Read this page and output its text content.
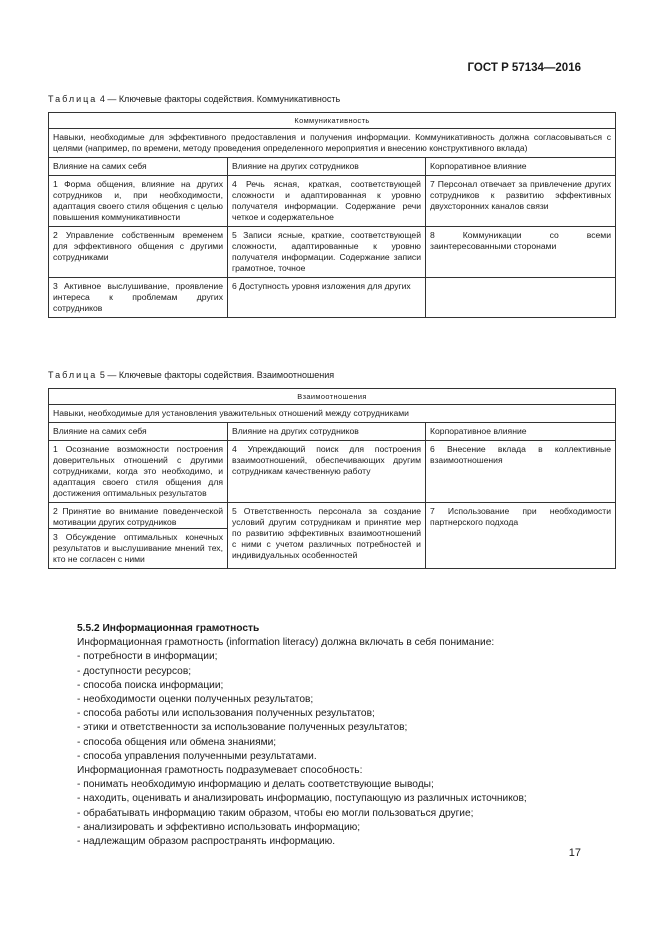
ГОСТ Р 57134—2016
Таблица 4 — Ключевые факторы содействия. Коммуникативность
Коммуникативность		
Навыки, необходимые для эффективного предоставления и получения информации. Коммуникативность должна согласовываться с целями (например, по времени, методу проведения определенного мероприятия и внесению конструктивного вклада)		
Влияние на самих себя	Влияние на других сотрудников	Корпоративное влияние
1 Форма общения, влияние на других сотрудников и, при необходимости, адаптация своего стиля общения с целью повышения коммуникативности	4 Речь ясная, краткая, соответствующей сложности и адаптированная к уровню получателя информации. Содержание речи четкое и содержательное	7 Персонал отвечает за привлечение других сотрудников к развитию эффективных двухсторонних каналов связи
2 Управление собственным временем для эффективного общения с другими сотрудниками	5 Записи ясные, краткие, соответствующей сложности, адаптированные к уровню получателя информации. Содержание записи грамотное, точное	8 Коммуникации со всеми заинтересованными сторонами
3 Активное выслушивание, проявление интереса к проблемам других сотрудников	6 Доступность уровня изложения для других	
Таблица 5 — Ключевые факторы содействия. Взаимоотношения
Взаимоотношения		
Навыки, необходимые для установления уважительных отношений между сотрудниками		
Влияние на самих себя	Влияние на других сотрудников	Корпоративное влияние
1 Осознание возможности построения доверительных отношений с другими сотрудниками, когда это необходимо, и адаптация своего стиля общения для достижения оптимальных результатов	4 Упреждающий поиск для построения взаимоотношений, обеспечивающих другим сотрудникам качественную работу	6 Внесение вклада в коллективные взаимоотношения

2 Принятие во внимание поведенческой мотивации других сотрудников
3 Обсуждение оптимальных конечных результатов и выслушивание мнений тех, кто не согласен с ними	5 Ответственность персонала за создание условий другим сотрудникам и принятие мер по развитию эффективных взаимоотношений с ними с учетом различных потребностей и индивидуальных особенностей	7 Использование при необходимости партнерского подхода
5.5.2 Информационная грамотность
Информационная грамотность (information literacy) должна включать в себя понимание:
- потребности в информации;
- доступности ресурсов;
- способа поиска информации;
- необходимости оценки полученных результатов;
- способа работы или использования полученных результатов;
- этики и ответственности за использование полученных результатов;
- способа общения или обмена знаниями;
- способа управления полученными результатами.
Информационная грамотность подразумевает способность:
- понимать необходимую информацию и делать соответствующие выводы;
- находить, оценивать и анализировать информацию, поступающую из различных источников;
- обрабатывать информацию таким образом, чтобы ею могли пользоваться другие;
- анализировать и эффективно использовать информацию;
- надлежащим образом распространять информацию.
17
